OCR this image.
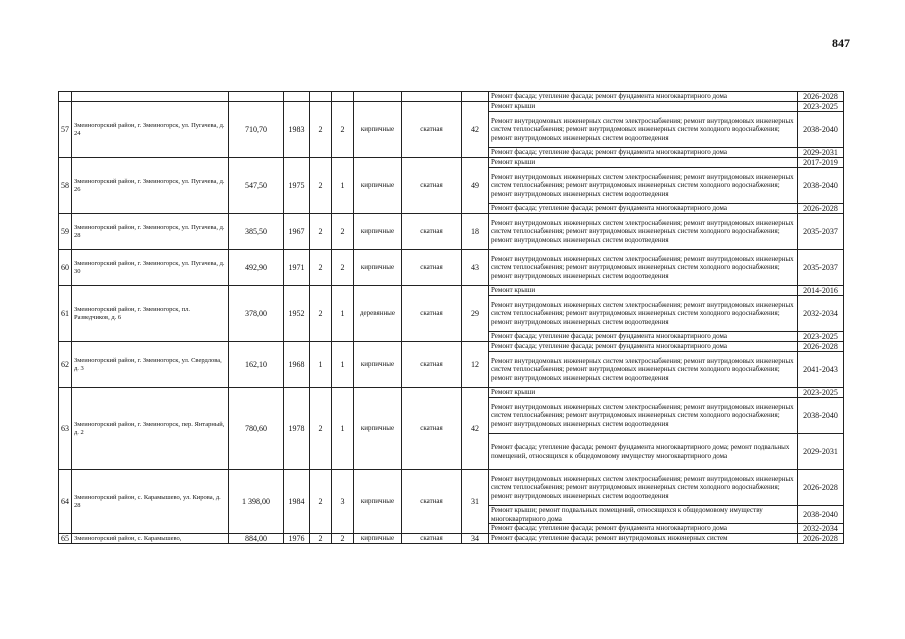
847
									Ремонт фасада; утепление фасада; ремонт фундамента многоквартирного дома	2026-2028
57	Змеиногорский район, г. Змеиногорск, ул. Пугачева, д. 24	710,70	1983	2	2	кирпичные	скатная	42	Ремонт крыши	2023-2025
									Ремонт внутридомовых инженерных систем электроснабжения; ремонт внутридомовых инженерных систем теплоснабжения; ремонт внутридомовых инженерных систем холодного водоснабжения; ремонт внутридомовых инженерных систем водоотведения	2038-2040
									Ремонт фасада; утепление фасада; ремонт фундамента многоквартирного дома	2029-2031
58	Змеиногорский район, г. Змеиногорск, ул. Пугачева, д. 26	547,50	1975	2	1	кирпичные	скатная	49	Ремонт крыши	2017-2019
									Ремонт внутридомовых инженерных систем электроснабжения; ремонт внутридомовых инженерных систем теплоснабжения; ремонт внутридомовых инженерных систем холодного водоснабжения; ремонт внутридомовых инженерных систем водоотведения	2038-2040
									Ремонт фасада; утепление фасада; ремонт фундамента многоквартирного дома	2026-2028
59	Змеиногорский район, г. Змеиногорск, ул. Пугачева, д. 28	385,50	1967	2	2	кирпичные	скатная	18	Ремонт внутридомовых инженерных систем электроснабжения; ремонт внутридомовых инженерных систем теплоснабжения; ремонт внутридомовых инженерных систем холодного водоснабжения; ремонт внутридомовых инженерных систем водоотведения	2035-2037
60	Змеиногорский район, г. Змеиногорск, ул. Пугачева, д. 30	492,90	1971	2	2	кирпичные	скатная	43	Ремонт внутридомовых инженерных систем электроснабжения; ремонт внутридомовых инженерных систем теплоснабжения; ремонт внутридомовых инженерных систем холодного водоснабжения; ремонт внутридомовых инженерных систем водоотведения	2035-2037
61	Змеиногорский район, г. Змеиногорск, пл. Разведчиков, д. 6	378,00	1952	2	1	деревянные	скатная	29	Ремонт крыши	2014-2016
									Ремонт внутридомовых инженерных систем электроснабжения; ремонт внутридомовых инженерных систем теплоснабжения; ремонт внутридомовых инженерных систем холодного водоснабжения; ремонт внутридомовых инженерных систем водоотведения	2032-2034
									Ремонт фасада; утепление фасада; ремонт фундамента многоквартирного дома	2023-2025
62	Змеиногорский район, г. Змеиногорск, ул. Свердлова, д. 3	162,10	1968	1	1	кирпичные	скатная	12	Ремонт фасада; утепление фасада; ремонт фундамента многоквартирного дома	2026-2028
									Ремонт внутридомовых инженерных систем электроснабжения; ремонт внутридомовых инженерных систем теплоснабжения; ремонт внутридомовых инженерных систем холодного водоснабжения; ремонт внутридомовых инженерных систем водоотведения	2041-2043
63	Змеиногорский район, г. Змеиногорск, пер. Янтарный, д. 2	780,60	1978	2	1	кирпичные	скатная	42	Ремонт крыши	2023-2025
									Ремонт внутридомовых инженерных систем электроснабжения; ремонт внутридомовых инженерных систем теплоснабжения; ремонт внутридомовых инженерных систем холодного водоснабжения; ремонт внутридомовых инженерных систем водоотведения	2038-2040
									Ремонт фасада; утепление фасада; ремонт фундамента многоквартирного дома; ремонт подвальных помещений, относящихся к общедомовому имуществу многоквартирного дома	2029-2031
64	Змеиногорский район, с. Карамышево, ул. Кирова, д. 28	1 398,00	1984	2	3	кирпичные	скатная	31	Ремонт внутридомовых инженерных систем электроснабжения; ремонт внутридомовых инженерных систем теплоснабжения; ремонт внутридомовых инженерных систем холодного водоснабжения; ремонт внутридомовых инженерных систем водоотведения	2026-2028
									Ремонт крыши; ремонт подвальных помещений, относящихся к общедомовому имуществу многоквартирного дома	2038-2040
									Ремонт фасада; утепление фасада; ремонт фундамента многоквартирного дома	2032-2034
65	Змеиногорский район, с. Карамышево,	884,00	1976	2	2	кирпичные	скатная	34	Ремонт фасада; утепление фасада; ремонт внутридомовых инженерных систем	2026-2028
